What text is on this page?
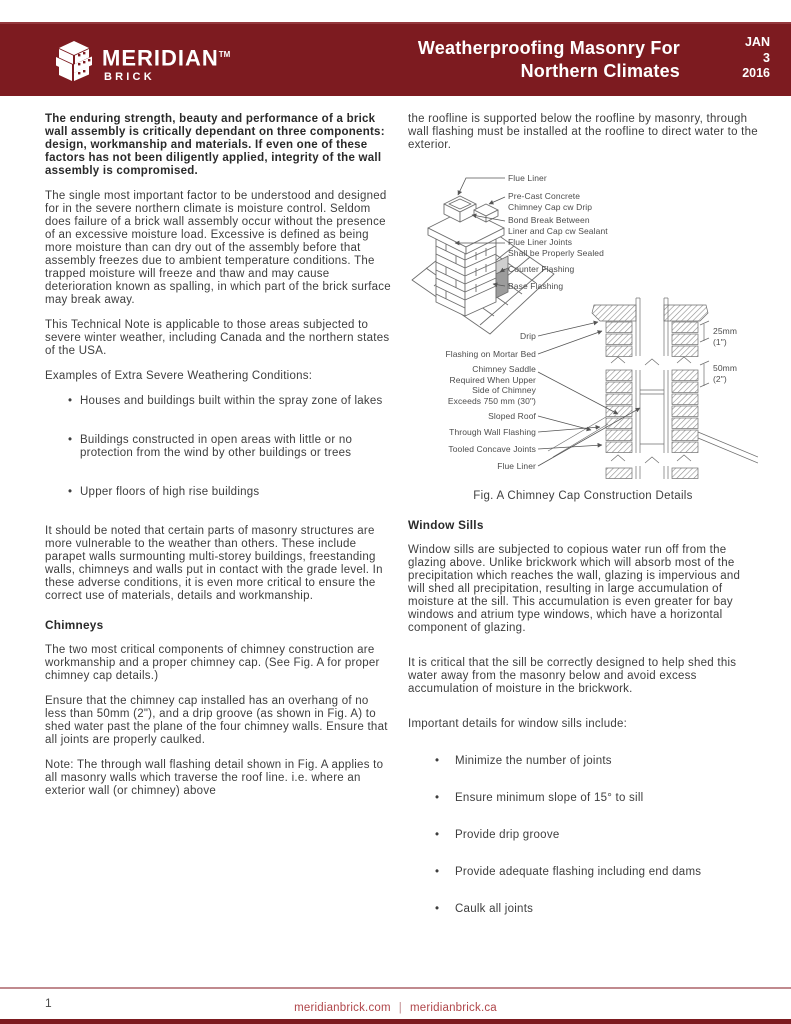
MERIDIAN™
BRICK
Weatherproofing Masonry For
Northern Climates
JAN
3
2016

The enduring strength, beauty and performance of a brick wall assembly is critically dependant on three components: design, workmanship and materials. If even one of these factors has not been diligently applied, integrity of the wall assembly is compromised.

The single most important factor to be understood and designed for in the severe northern climate is moisture control. Seldom does failure of a brick wall assembly occur without the presence of an excessive moisture load. Excessive is defined as being more moisture than can dry out of the assembly before that assembly freezes due to ambient temperature conditions. The trapped moisture will freeze and thaw and may cause deterioration known as spalling, in which part of the brick surface may break away.

This Technical Note is applicable to those areas subjected to severe winter weather, including Canada and the northern states of the USA.

Examples of Extra Severe Weathering Conditions:

• Houses and buildings built within the spray zone of lakes
• Buildings constructed in open areas with little or no protection from the wind by other buildings or trees
• Upper floors of high rise buildings

It should be noted that certain parts of masonry structures are more vulnerable to the weather than others. These include parapet walls surmounting multi-storey buildings, freestanding walls, chimneys and walls put in contact with the grade level. In these adverse conditions, it is even more critical to ensure the correct use of materials, details and workmanship.

Chimneys

The two most critical components of chimney construction are workmanship and a proper chimney cap. (See Fig. A for proper chimney cap details.)

Ensure that the chimney cap installed has an overhang of no less than 50mm (2"), and a drip groove (as shown in Fig. A) to shed water past the plane of the four chimney walls. Ensure that all joints are properly caulked.

Note: The through wall flashing detail shown in Fig. A applies to all masonry walls which traverse the roof line. i.e. where an exterior wall (or chimney) above

the roofline is supported below the roofline by masonry, through wall flashing must be installed at the roofline to direct water to the exterior.

Flue Liner
Pre-Cast Concrete
Chimney Cap cw Drip
Bond Break Between
Liner and Cap cw Sealant
Flue Liner Joints
Shall be Properly Sealed
Counter Flashing
Base Flashing
Drip
Flashing on Mortar Bed
Chimney Saddle
Required When Upper
Side of Chimney
Exceeds 750 mm (30")
Sloped Roof
Through Wall Flashing
Tooled Concave Joints
Flue Liner
25mm
(1")
50mm
(2")
Fig. A Chimney Cap Construction Details
Window Sills

Window sills are subjected to copious water run off from the glazing above. Unlike brickwork which will absorb most of the precipitation which reaches the wall, glazing is impervious and will shed all precipitation, resulting in large accumulation of moisture at the sill. This accumulation is even greater for bay windows and atrium type windows, which have a horizontal component of glazing.

It is critical that the sill be correctly designed to help shed this water away from the masonry below and avoid excess accumulation of moisture in the brickwork.

Important details for window sills include:

• Minimize the number of joints
• Ensure minimum slope of 15° to sill
• Provide drip groove
• Provide adequate flashing including end dams
• Caulk all joints
1	meridianbrick.com | meridianbrick.ca
